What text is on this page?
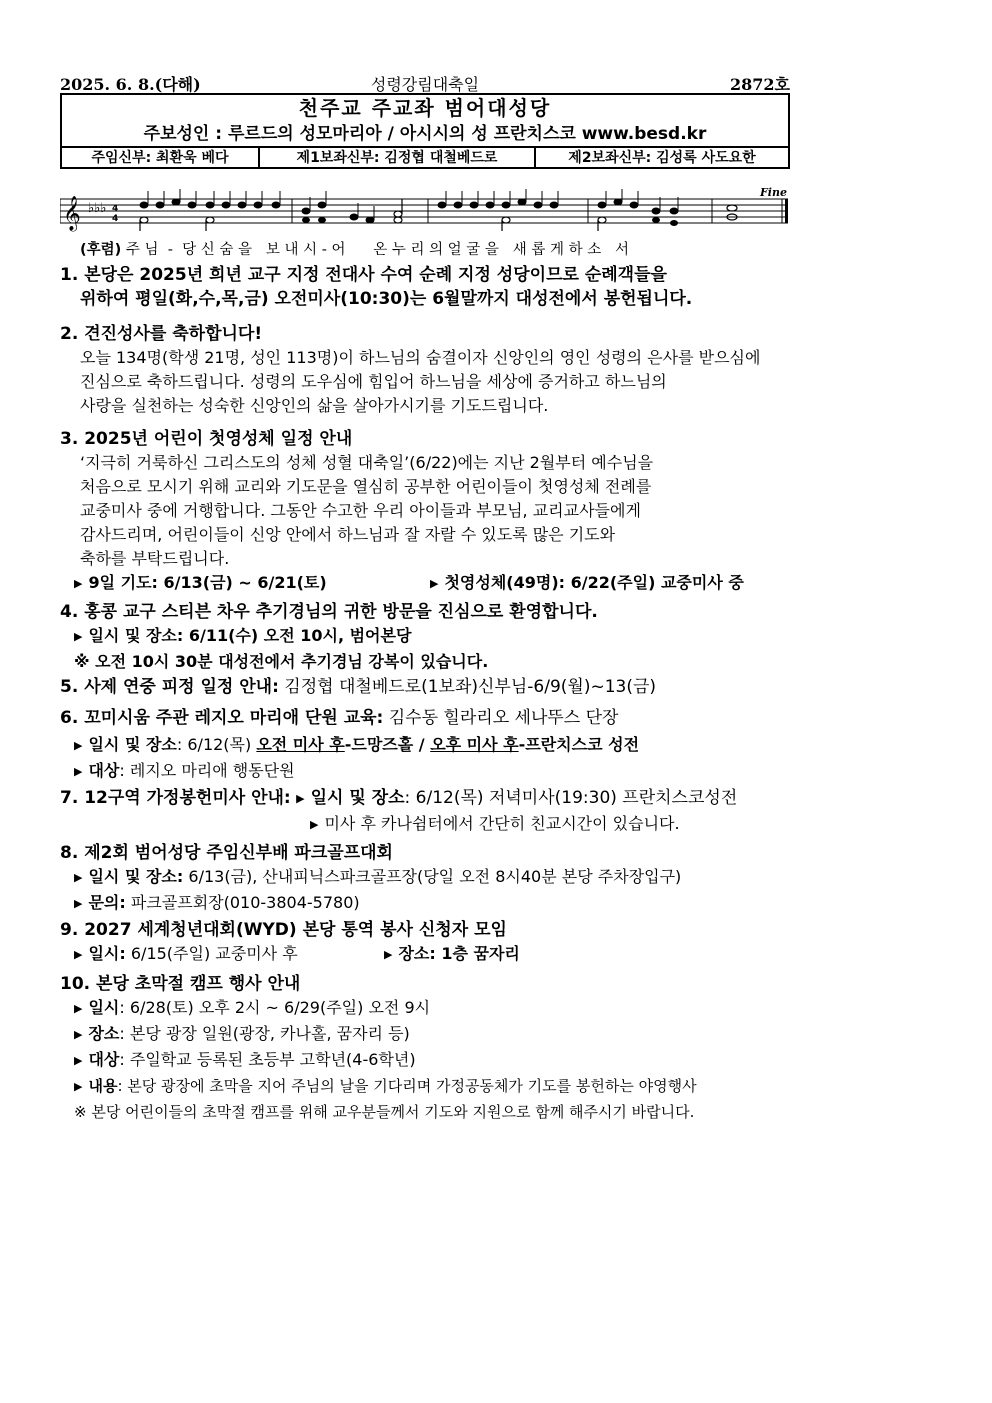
2025. 6. 8.(다해)	성령강림대축일	2872호
천주교 주교좌 범어대성당
주보성인 : 루르드의 성모마리아 / 아시시의 성 프란치스코 www.besd.kr
주임신부: 최환욱 베다	제1보좌신부: 김정협 대철베드로	제2보좌신부: 김성록 사도요한
𝄞 ♭♭♭ 4
4
Fine
(후렴) 주 님  -  당 신 숨 을   보 내 시 - 어      온 누 리 의 얼 굴 을   새 롭 게 하 소   서
1. 본당은 2025년 희년 교구 지정 전대사 수여 순례 지정 성당이므로 순례객들을
위하여 평일(화,수,목,금) 오전미사(10:30)는 6월말까지 대성전에서 봉헌됩니다.
2. 견진성사를 축하합니다!
오늘 134명(학생 21명, 성인 113명)이 하느님의 숨결이자 신앙인의 영인 성령의 은사를 받으심에
진심으로 축하드립니다. 성령의 도우심에 힘입어 하느님을 세상에 증거하고 하느님의
사랑을 실천하는 성숙한 신앙인의 삶을 살아가시기를 기도드립니다.
3. 2025년 어린이 첫영성체 일정 안내
‘지극히 거룩하신 그리스도의 성체 성혈 대축일’(6/22)에는 지난 2월부터 예수님을
처음으로 모시기 위해 교리와 기도문을 열심히 공부한 어린이들이 첫영성체 전례를
교중미사 중에 거행합니다. 그동안 수고한 우리 아이들과 부모님, 교리교사들에게
감사드리며, 어린이들이 신앙 안에서 하느님과 잘 자랄 수 있도록 많은 기도와
축하를 부탁드립니다.
▶ 9일 기도: 6/13(금) ~ 6/21(토)	▶ 첫영성체(49명): 6/22(주일) 교중미사 중
4. 홍콩 교구 스티븐 차우 추기경님의 귀한 방문을 진심으로 환영합니다.
▶ 일시 및 장소: 6/11(수) 오전 10시, 범어본당
※ 오전 10시 30분 대성전에서 추기경님 강복이 있습니다.
5. 사제 연중 피정 일정 안내: 김정협 대철베드로(1보좌)신부님-6/9(월)~13(금)
6. 꼬미시움 주관 레지오 마리애 단원 교육: 김수동 힐라리오 세나뚜스 단장
▶ 일시 및 장소: 6/12(목) 오전 미사 후-드망즈홀 / 오후 미사 후-프란치스코 성전
▶ 대상: 레지오 마리애 행동단원
7. 12구역 가정봉헌미사 안내: ▶ 일시 및 장소: 6/12(목) 저녁미사(19:30) 프란치스코성전
▶ 미사 후 카나쉼터에서 간단히 친교시간이 있습니다.
8. 제2회 범어성당 주임신부배 파크골프대회
▶ 일시 및 장소: 6/13(금), 산내피닉스파크골프장(당일 오전 8시40분 본당 주차장입구)
▶ 문의: 파크골프회장(010-3804-5780)
9. 2027 세계청년대회(WYD) 본당 통역 봉사 신청자 모임
▶ 일시: 6/15(주일) 교중미사 후	▶ 장소: 1층 꿈자리
10. 본당 초막절 캠프 행사 안내
▶ 일시: 6/28(토) 오후 2시 ~ 6/29(주일) 오전 9시
▶ 장소: 본당 광장 일원(광장, 카나홀, 꿈자리 등)
▶ 대상: 주일학교 등록된 초등부 고학년(4-6학년)
▶ 내용: 본당 광장에 초막을 지어 주님의 날을 기다리며 가정공동체가 기도를 봉헌하는 야영행사
※ 본당 어린이들의 초막절 캠프를 위해 교우분들께서 기도와 지원으로 함께 해주시기 바랍니다.
